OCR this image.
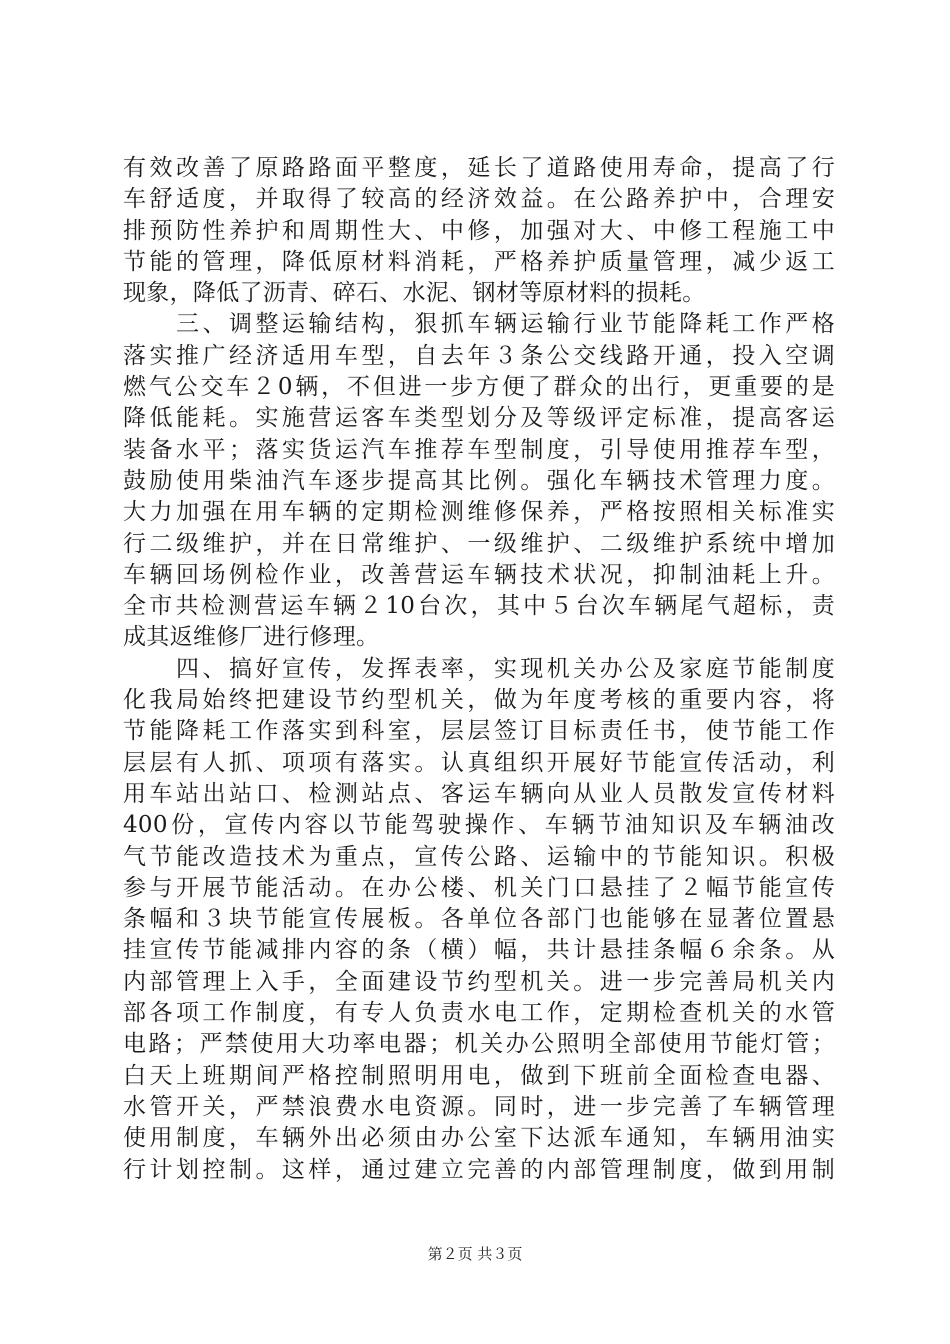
有效改善了原路路面平整度，延长了道路使用寿命，提高了行
车舒适度，并取得了较高的经济效益。在公路养护中，合理安
排预防性养护和周期性大、中修，加强对大、中修工程施工中
节能的管理，降低原材料消耗，严格养护质量管理，减少返工
现象，降低了沥青、碎石、水泥、钢材等原材料的损耗。
　　三、调整运输结构，狠抓车辆运输行业节能降耗工作严格
落实推广经济适用车型，自去年３条公交线路开通，投入空调
燃气公交车２0辆，不但进一步方便了群众的出行，更重要的是
降低能耗。实施营运客车类型划分及等级评定标准，提高客运
装备水平；落实货运汽车推荐车型制度，引导使用推荐车型，
鼓励使用柴油汽车逐步提高其比例。强化车辆技术管理力度。
大力加强在用车辆的定期检测维修保养，严格按照相关标准实
行二级维护，并在日常维护、一级维护、二级维护系统中增加
车辆回场例检作业，改善营运车辆技术状况，抑制油耗上升。
全市共检测营运车辆２10台次，其中５台次车辆尾气超标，责
成其返维修厂进行修理。
　　四、搞好宣传，发挥表率，实现机关办公及家庭节能制度
化我局始终把建设节约型机关，做为年度考核的重要内容，将
节能降耗工作落实到科室，层层签订目标责任书，使节能工作
层层有人抓、项项有落实。认真组织开展好节能宣传活动，利
用车站出站口、检测站点、客运车辆向从业人员散发宣传材料
400份，宣传内容以节能驾驶操作、车辆节油知识及车辆油改
气节能改造技术为重点，宣传公路、运输中的节能知识。积极
参与开展节能活动。在办公楼、机关门口悬挂了２幅节能宣传
条幅和３块节能宣传展板。各单位各部门也能够在显著位置悬
挂宣传节能减排内容的条（横）幅，共计悬挂条幅６余条。从
内部管理上入手，全面建设节约型机关。进一步完善局机关内
部各项工作制度，有专人负责水电工作，定期检查机关的水管
电路；严禁使用大功率电器；机关办公照明全部使用节能灯管；
白天上班期间严格控制照明用电，做到下班前全面检查电器、
水管开关，严禁浪费水电资源。同时，进一步完善了车辆管理
使用制度，车辆外出必须由办公室下达派车通知，车辆用油实
行计划控制。这样，通过建立完善的内部管理制度，做到用制
第２页 共３页
